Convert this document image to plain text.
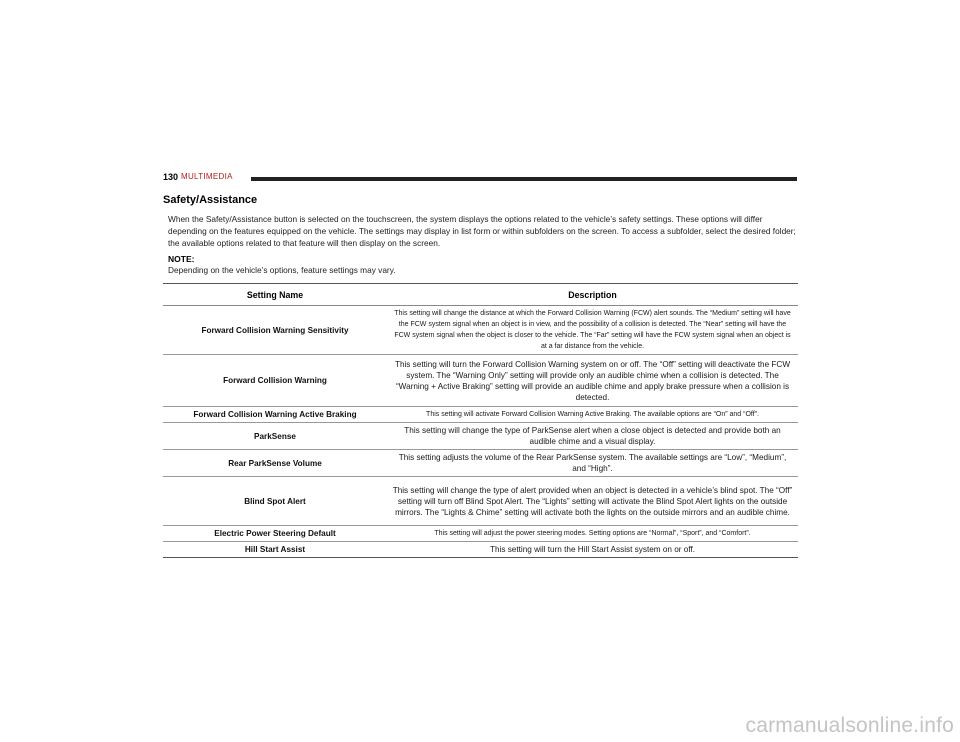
130 MULTIMEDIA
Safety/Assistance

When the Safety/Assistance button is selected on the touchscreen, the system displays the options related to the vehicle’s safety settings. These options will differ depending on the features equipped on the vehicle. The settings may display in list form or within subfolders on the screen. To access a subfolder, select the desired folder; the available options related to that feature will then display on the screen.

NOTE:
Depending on the vehicle’s options, feature settings may vary.
Setting Name	Description
Forward Collision Warning Sensitivity	This setting will change the distance at which the Forward Collision Warning (FCW) alert sounds. The “Medium” setting will have the FCW system signal when an object is in view, and the possibility of a collision is detected. The “Near” setting will have the FCW system signal when the object is closer to the vehicle. The “Far” setting will have the FCW system signal when an object is at a far distance from the vehicle.
Forward Collision Warning	This setting will turn the Forward Collision Warning system on or off. The “Off” setting will deactivate the FCW system. The “Warning Only” setting will provide only an audible chime when a collision is detected. The “Warning + Active Braking” setting will provide an audible chime and apply brake pressure when a collision is detected.
Forward Collision Warning Active Braking	This setting will activate Forward Collision Warning Active Braking. The available options are “On” and “Off”.
ParkSense	This setting will change the type of ParkSense alert when a close object is detected and provide both an audible chime and a visual display.
Rear ParkSense Volume	This setting adjusts the volume of the Rear ParkSense system. The available settings are “Low”, “Medium”, and “High”.
Blind Spot Alert	This setting will change the type of alert provided when an object is detected in a vehicle’s blind spot. The “Off” setting will turn off Blind Spot Alert. The “Lights” setting will activate the Blind Spot Alert lights on the outside mirrors. The “Lights & Chime” setting will activate both the lights on the outside mirrors and an audible chime.
Electric Power Steering Default	This setting will adjust the power steering modes. Setting options are “Normal”, “Sport”, and “Comfort”.
Hill Start Assist	This setting will turn the Hill Start Assist system on or off.
carmanualsonline.info
